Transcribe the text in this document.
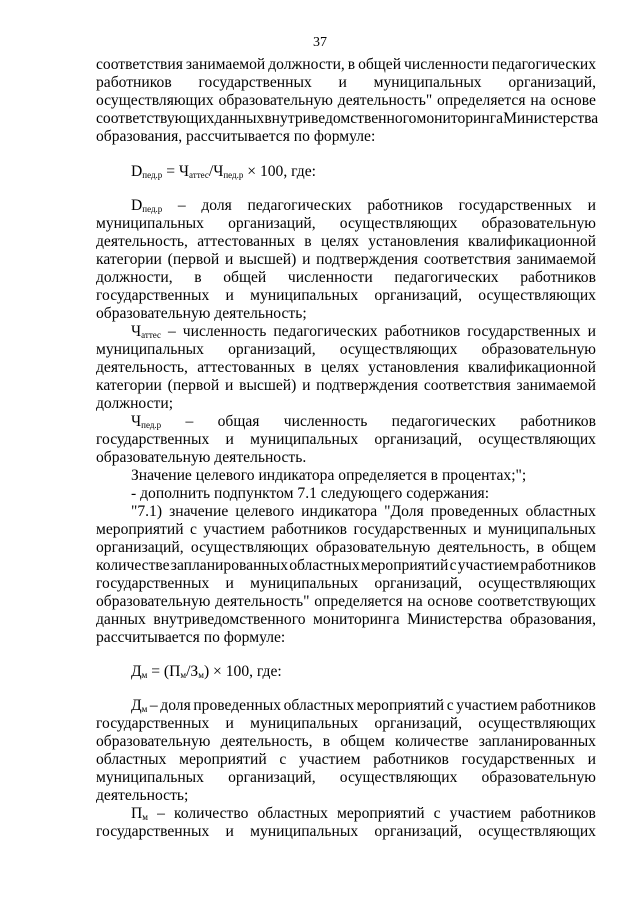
37
соответствия занимаемой должности, в общей численности педагогических
работников государственных и муниципальных организаций,
осуществляющих образовательную деятельность" определяется на основе
соответствующих данных внутриведомственного мониторинга Министерства
образования, рассчитывается по формуле:
$D_{пед.р} = Ч_{аттес}/Ч_{пед.р} \times 100$, где:
$D_{пед.р}$ – доля педагогических работников государственных и
муниципальных организаций, осуществляющих образовательную
деятельность, аттестованных в целях установления квалификационной
категории (первой и высшей) и подтверждения соответствия занимаемой
должности, в общей численности педагогических работников
государственных и муниципальных организаций, осуществляющих
образовательную деятельность;
$Ч_{аттес}$ – численность педагогических работников государственных и
муниципальных организаций, осуществляющих образовательную
деятельность, аттестованных в целях установления квалификационной
категории (первой и высшей) и подтверждения соответствия занимаемой
должности;
$Ч_{пед.р}$ – общая численность педагогических работников
государственных и муниципальных организаций, осуществляющих
образовательную деятельность.
Значение целевого индикатора определяется в процентах;";
- дополнить подпунктом 7.1 следующего содержания:
"7.1) значение целевого индикатора "Доля проведенных областных
мероприятий с участием работников государственных и муниципальных
организаций, осуществляющих образовательную деятельность, в общем
количестве запланированных областных мероприятий с участием работников
государственных и муниципальных организаций, осуществляющих
образовательную деятельность" определяется на основе соответствующих
данных внутриведомственного мониторинга Министерства образования,
рассчитывается по формуле:
$Д_м = (П_м/З_м) \times 100$, где:
$Д_м$ – доля проведенных областных мероприятий с участием работников
государственных и муниципальных организаций, осуществляющих
образовательную деятельность, в общем количестве запланированных
областных мероприятий с участием работников государственных и
муниципальных организаций, осуществляющих образовательную
деятельность;
$П_м$ – количество областных мероприятий с участием работников
государственных и муниципальных организаций, осуществляющих
